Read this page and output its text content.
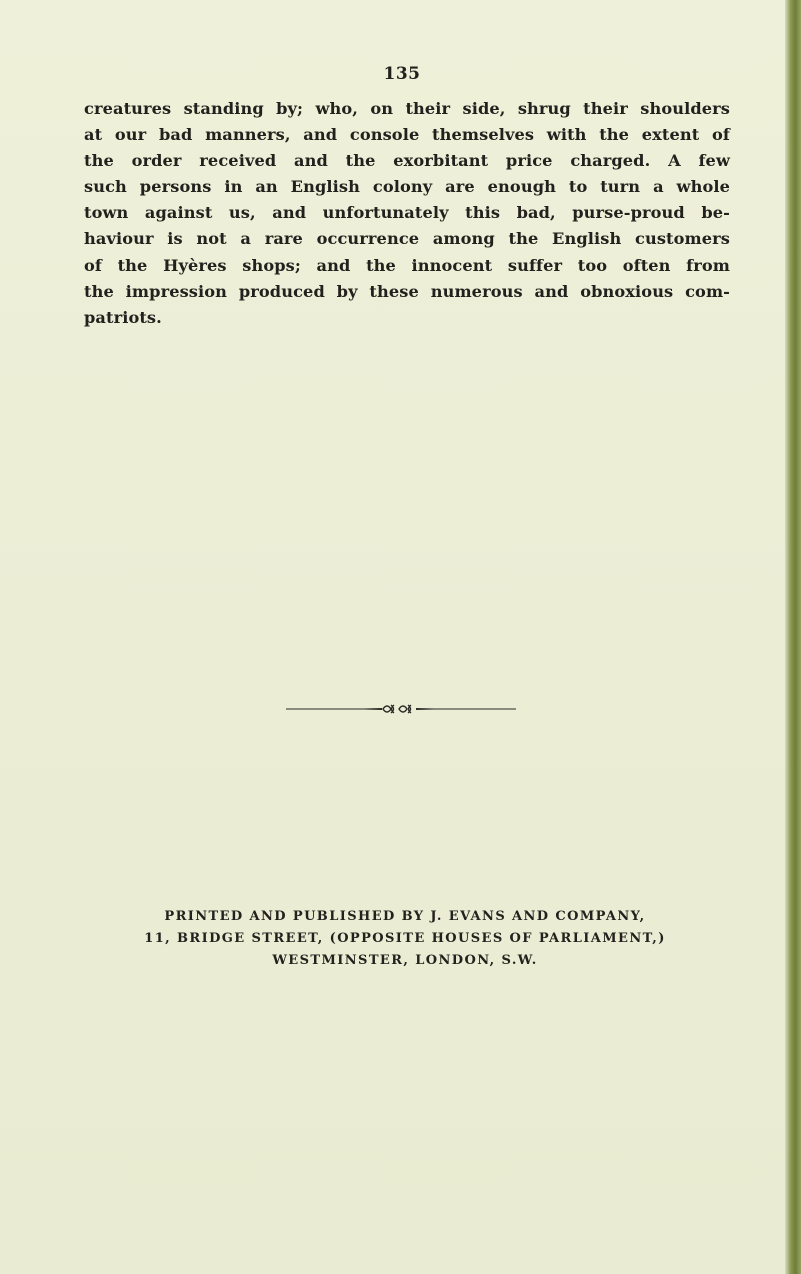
135
creatures standing by; who, on their side, shrug their shoulders
at our bad manners, and console themselves with the extent of
the order received and the exorbitant price charged. A few
such persons in an English colony are enough to turn a whole
town against us, and unfortunately this bad, purse-proud be-
haviour is not a rare occurrence among the English customers
of the Hyères shops; and the innocent suffer too often from
the impression produced by these numerous and obnoxious com-
patriots.
PRINTED AND PUBLISHED BY J. EVANS AND COMPANY,
11, BRIDGE STREET, (OPPOSITE HOUSES OF PARLIAMENT,)
WESTMINSTER, LONDON, S.W.
